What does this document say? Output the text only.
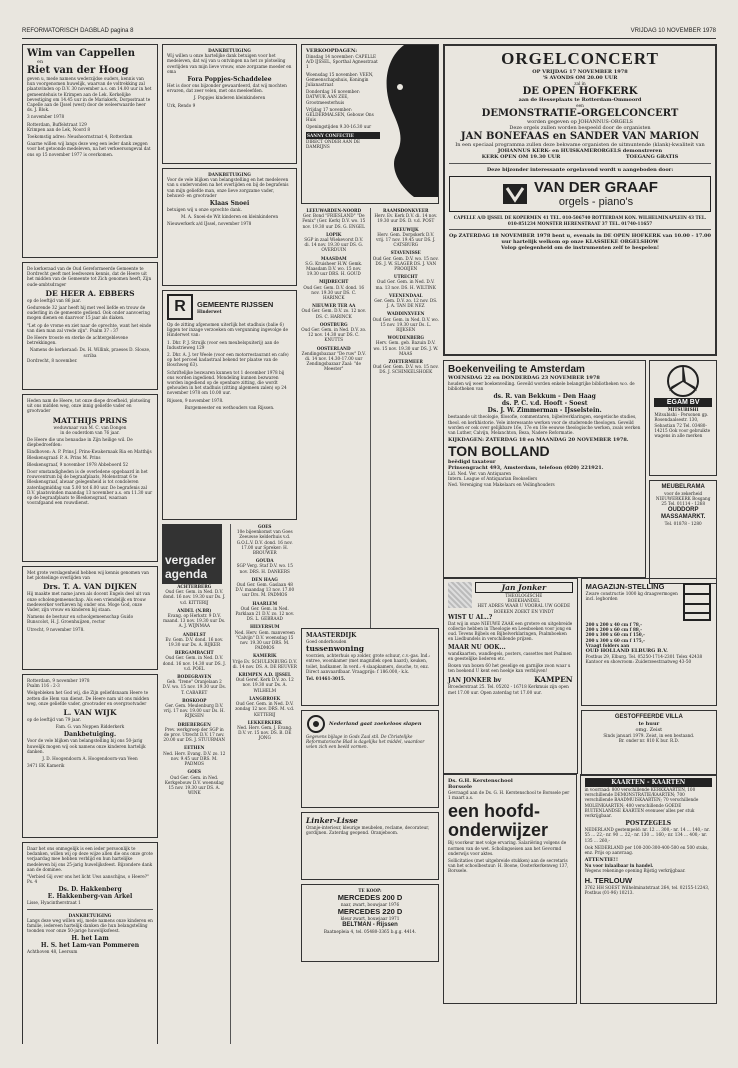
REFORMATORISCH DAGBLAD pagina 8	VRIJDAG 10 NOVEMBER 1978
Wim van Cappellen
en
Riet van der Hoog
geven u, mede namens wederzijdse ouders, kennis van hun voorgenomen huwelijk, waarvan de voltrekking zal plaatsvinden op D.V. 30 november a.s. om 14.00 uur in het gemeentehuis te Krimpen aan de Lek. Kerkelijke bevestiging om 14.45 uur in de Mariakerk, Dorpsstraat te Capelle aan de IJssel (west) door de weleerwaarde heer ds. J. Blok.
3 november 1978
Rotterdam, Buffelstraat 129
Krimpen aan de Lek, Noord 8
Toekomstig adres: Neushoornstraat 4, Rotterdam
Gaarne willen wij langs deze weg een ieder dank zeggen voor het getoonde medeleven, na het verkeersongeval dat ons op 15 november 1977 is overkomen.
De kerkeraad van de Oud Gereformeerde Gemeente te Dordrecht geeft met leedwezen kennis, dat de Heere uit het midden van de Gemeente tot Zich genomen heeft, Zijn oude-ambtsdrager
DE HEER A. EBBERS
op de leeftijd van 86 jaar.
Gedurende 32 jaar heeft hij met veel liefde en trouw de ouderling in de gemeente gediend. Ook onder aanvoering mogen dienen en daarvoor 15 jaar als diaken.
"Let op de vrome en ziet naar de oprechte, want het einde van dien man zal vrede zijn". Psalm 37 : 37
De Heere trooste en sterke de achtergeblevene betrekkingen.
Namens de kerkeraad: Ds. H. Willink, praeses D. Slooze, scriba
Dordrecht, 8 november.
Heden nam de Heere, tot onze diepe droefheid, plotseling uit ons midden weg, onze innig geliefde vader en grootvader
MATTHIJS PRINS
weduwnaar van M. C. van Dongen
in de ouderdom van 76 jaar.
De Heere die uns benaudae in Zijn heilige wil. De diepbedroefden:
Eindhoven: A. P. Prins J. Prins-Kwakernaak Ria en Matthijs Bleskensgraaf: P. A. Prins M. Prins
Bleskensgraaf, 9 november 1978 Abbeboerd 52
Door omstandigheden is de overledene opgebaard in het rouwcentrum bij de begraafplaats, Molenstraat 6 te Bleskensgraaf, alwaar gelegenheid is tot condoleren zaterdagmiddag van 5.00 tot 6.00 uur. De begrafenis zal D.V. plaatsvinden maandag 13 november a.s. om 11.30 uur op de begraafplaats te Bleskensgraaf, waaraan voorafgaand een rouwdienst.
Met grote verslagenheid hebben wij kennis genomen van het plotselinge overlijden van
Drs. T. A. VAN DIJKEN
Hij maakte met name jaren als docent Engels deel uit van onze scholengemeenschap. Als een vriendelijk en trouw medewerker verhieven hij onder ons. Moge God, onze Vader, zijn vrouw en kinderen bij staan.
Namens de bestuur en schoolgemeenschap Guido Bunscolot, H. J. Groenhuijzen, rector
Utrecht, 9 november 1978.
Rotterdam, 9 november 1978
Psalm 116 : 2-3
Welgebleken het God wij, die Zijn geliefdsnaam Heere te zetten die Hem van dienst. De Heere nam uit ons midden weg, onze geliefde vader, grootvader en overgrootvader
L. VAN WIJK
op de leeftijd van 79 jaar.
Fam. G. van Noppen Ridderkerk
Dankbetuiging.
Voor de vele blijken van belangstelling bij ons 50-jarig huwelijk mogen wij ook namens onze kinderen hartelijk danken.
J. D. Hoogendoorn A. Hoogendoorn-van Veen
3471 EK Kamerik
Daar het ons onmogelijk is een ieder persoonlijk te bedanken, willen wij op deze wijze allen die ons onze grote verjaardag mee hebben verblijd en hun hartelijke medeleven bij ons 25-jarig huwelijksfeest. Bijzondere dank aan de dominee.
"Verbied Gij over ons het licht Uws aanschijns, o Heere?" Ps. 4
Ds. D. Hakkenberg
E. Hakkenberg-van Arkel
Lisse, Hyacintherstraat 1
DANKBETUIGING
Langs deze weg willen wij, mede namens onze kinderen en familie, iedereen hartelijk danken die hun belangstelling toonden voor onze 50-jarige huwelijksfeest.
H. het Lam
H. S. het Lam-van Pommeren
Achthoven 48, Leersum
DANKBETUIGING
Wij willen u onze hartelijke dank betuigen voor het medeleven, dat wij van u ontvingen na het zo plotseling overlijden van mijn lieve vrouw, onze zorgzame moeder en oma
Fora Poppjes-Schaddelee
Het is door ons bijzonder gewaardeerd, dat wij mochten ervaren, dat zeer velen, met ons meeleefden.
J. Poppjes kinderen kleinkinderen
Urk, Rendo 9
DANKBETUIGING
Voor de vele blijken van belangstelling en het medeleven van u ondervonden na het overlijden en bij de begrafenis van mijn geliefde man, onze lieve zorgzame vader, behuwd- en grootvader
Klaas Snoei
betuigen wij u onze oprechte dank.
M. A. Snoei-de Wit kinderen en kleinkinderen
Nieuwerkerk a/d IJssel, november 1978
R	GEMEENTE RIJSSEN
Hinderwet
Op de zitting afgenomen uiterlijk het stadhuis (balie 6) liggen ter inzage verzoeken om vergunning ingevolge de Hinderwet van:
1. Dhr. P. J. Struijk (voor een meubelspuiterij) aan de Industrieweg 129
2. Dhr. A. J. ter Weele (voor een motorrestaurant en cafe) op het perceel kadastraal bekend ter plaatse van de Boschweg 63).
Schriftelijke bezwaren kunnen tot 1 december 1978 bij ons worden ingediend. Mondeling kunnen bezwaren worden ingediend op de openbare zitting, die wordt gehouden in het stadhuis (zitting algemeen zalen) op 24 november 1978 om 10.00 uur.
Rijssen, 9 november 1978.
Burgemeester en wethouders van Rijssen.
vergader agenda
ACHTERBERG
Oud Ger. Gem. in Ned. D.V. dond. 16 nov. 19.30 uur Ds. J. v.d. KITTERIJ
ANDEL (N.BR)
Evang. op Herkstr. 9 D.V. maand. 13 nov. 19.30 uur Ds. A. J. WIJNMAA
ANDELST
Ev. Gem. D.V. dond. 16 nov. 19.30 uur Ds. A. RIJKER
BERGAMBACHT
Oud Ger. Gem. in Ned. D.V. dond. 16 nov. 14.30 uur DS. J. v.d. POEL
BODEGRAVEN
Geb. "Irene" Oranjelaan 2 D.V. wo. 15 nov. 19.30 uur Ds. T. CABARET
BOSKOOP
Ger. Gem. Meulenburg D.V. vrij. 17 nov. 19.00 uur Ds. H. RIJKSEN
DRIEBERGEN
Prev. werkgroep der SGP in de prov. Utrecht D.V. 17 nov. 20.00 uur DS. J. STUURMAN
EETHEN
Ned. Herv. Evang. D.V. zo. 12 nov. 9.45 uur DRS. M. PADMOS
GOES
Oud Ger. Gem. in Ned. Kerkgebouw D.V. woensdag 15 nov. 19.30 uur DS. A. WINK
GOES
10e bijeenkomst van Goes Zeeuwse kelderhuis v.d. G.O.L.V. D.V. dond. 16 nov. 17.00 uur Spreker: H. BROUWER
GOUDA
SGP Verg. Staf D.V. wo. 15 nov. DRS. H. DANKERS
DEN HAAG
Oud Ger. Gem. Gaslaan 48 D.V. maandag 13 nov. 17.00 uur Drs. M. PADMOS
HAARLEM
Oud Ger. Gem. in Ned. Parklaan 21 D.V. zo. 12 nov. DS. L. GEBRAAD
HILVERSUM
Ned. Herv. Gem. manvereen "Calvijn" D.V. woensdag 15 nov. 19.30 uur DRS. M. PADMOS
KAMERIK
Vrije Ev. SCHULENBURG D.V. di. 14 nov. DS. A. DE REUVER
KRIMPEN A.D. IJSSEL
Oud Geref. Kerk D.V. zo. 12 nov. 19.30 uur Ds. A. WILHELM
LANGBROEK
Oud Ger. Gem. in Ned. D.V. zondag 12 nov. DRS. M. v.d. KETTERIJ
LEKKERKERK
Ned. Herv. Gem. J. Evang. D.V. vr. 15 nov. DS. B. DE JONG
VERKOOPDAGEN:
Dinsdag 14 november: CAPELLE A/D IJSSEL, Sporthal Agnesstraat 1
Woensdag 15 november: VEEN, Gemeenschapshuis, Koningin Julianastraat
Donderdag 16 november: DATWUK AAN ZEE, Grootmeesterhuis
Vrijdag 17 november: GELDERMALSEN, Gebouw Ons Huis
Openingstijden 9.30-16.30 uur
SANNY CONFECTIE
DIRECT ONDER AAN DE DAMRIJNS
LEEUWARDEN-NOORD
Ger. Bond "FRIESLAND" "De Fenix" (Ger. Kerk) D.V. wo. 15 nov. 19.30 uur DS. G. ENGEL
LOPIK
SGP in zaal Wiekevorst D.V. di. 14 nov. 19.30 uur DS. G. OVERDUIN
MAASDAM
S.G. Kruisheer H.W. Gemk. Maasdam D.V. wo. 15 nov. 19.30 uur DRS. H. GOUD
MIJDRECHT
Oud Ger. Gem. D.V. dond. 16 nov. 19.30 uur DS. C. HARINCK
NIEUWER TER AA
Oud Ger. Gem. D.V. zo. 12 nov. DS. C. HARINCK
OOSTBURG
Oud Ger. Gem. in Ned. D.V. zo. 12 nov. 14.30 uur DS. C. KNUTTS
OOSTERLAND
Zendingsbazaar "De ruw" D.V. di. 14 nov. 14.30-17.00 uur Zendingsbazaar Zaal: "de Meester"
RAAMSDONKVEER
Herv. Ev. Kerk D.V. di. 14 nov. 19.30 uur DS. D. v.d. POST
REEUWIJK
Herv. Gem. Dorpskerk D.V. vrij. 17 nov. 19.45 uur DS. J. CATSBURG
STAVENISSE
Oud Ger. Gem. D.V. wo. 15 nov. DS. J. W. SLAGER DS. J. VAN PROOIJEN
UTRECHT
Oud Ger. Gem. in Ned. D.V. ma. 13 nov. DS. H. WILTINK
VEENENDAAL
Ger. Gem. D.V. zo. 12 nov. DS. J. A. TAN DE NEZ
WADDINXVEEN
Oud Ger. Gem. in Ned. D.V. wo. 15 nov. 19.30 uur Ds. L. RIJKSEN
WOUDENBERG
Herv. Gem. geb. Bazuin D.V. wo. 15 nov. 19.30 uur DS. J. W. MAAS
ZOETERMEER
Oud Ger. Gem. D.V. wo. 15 nov. DS. J. SCHINKELSHOEK
MAASTERDIJK
Goed onderhouden
tussenwoning
voorzien, achterhuis op zolder, grote schuur, c.v.-gas. Ind.: entree, woonkamer (met magnifiek open haard), keuken, toilet, badkamer. In verd.: 4 slaapkamers, douche, tv, enz. Direct aanvaardbaar. Vraagprijs: f 186.000,- k.k.
Tel. 01461-3015.
Nederland gaat zoekeloos slapen
Gegevens bijlage in Gods Zaal stil. De Christelijke Reformatorische Blad is dagelijks het middel, waardoor velen zich een beeld vormen.
Linker-Lisse
Oranje-interieur, kleurige meubelen, reclame, decorateur, gordijnen. Zaterdag geopend. Oranjeboom.
TE KOOP:
MERCEDES 200 D
naar, zwart, bouwjaar 1976
MERCEDES 220 D
kleur zwart, bouwjaar 1971
BELTMAN - Rijssen
Baatnepleia 4, tel. 05480-3365 b.g.g. 4414.
ORGELCONCERT
OP VRIJDAG 17 NOVEMBER 1978
'S AVONDS OM 20.00 UUR
zal in
DE OPEN HOFKERK
aan de Hesseplaats te Rotterdam-Ommoord
een
DEMONSTRATIE-ORGELCONCERT
worden gegeven op JOHANNUS-ORGELS
Deze orgels zullen worden bespeeld door de organisten
JAN BONEFAAS en SANDER VAN MARION
In een speciaal programma zullen deze bekwame organisten de uitmuntende (klank)-kwaliteit van
JOHANNUS KERK- en HUISKAMERORGELS demonstreren
KERK OPEN OM 19.30 UUR	TOEGANG GRATIS
Deze bijzonder interessante orgelavond wordt u aangeboden door:
VAN DER GRAAF
orgels - piano's
CAPELLE A/D IJSSEL DE KOPERMEN 41 TEL. 010-506740 ROTTERDAM KON. WILHELMINAPLEIN 43 TEL. 010-851234 MONSTER HERENSTRAAT 37 TEL. 01740-11657
Op ZATERDAG 18 NOVEMBER 1978 bent u, evenals in DE OPEN HOFKERK van 10.00 - 17.00 uur hartelijk welkom op onze KLASSIEKE ORGELSHOW
Volop gelegenheid om de instrumenten zelf te bespelen!
Boekenveiling te Amsterdam
WOENSDAG 22 en DONDERDAG 23 NOVEMBER 1978
houden wij weer boekenveiling. Geveild worden enkele belangrijke bibliotheken w.o. de bibliotheken van
ds. R. van Bekkum - Den Haag
ds. P. C. v.d. Hooft - Soest
Ds. J. W. Zimmerman - IJsselstein.
bestaande uit theologie, filosofie, commentaren, bijbelverklaringen, exegetische studies, theol. en kerkhistorie. Vele interessante werken voor de studerende theologen. Geveild worden er ook over gelijkbare 16e, 17e en 18e eeuwse theologische werken, zoals werken van Luther, Calvijn, Melanchton, Beza, Nadere Reformatie.
KIJKDAGEN: ZATERDAG 18 en MAANDAG 20 NOVEMBER 1978.
TON BOLLAND
beëdigd taxateur
Prinsengracht 493, Amsterdam, telefoon (020) 221921.
Lid. Ned. Ver. van Antiquaren
Intern. League of Antiquarian Booksellers
Ned. Vereniging van Makelaars en Veilinghouders
EGAM BV
MITSUBISHI
Mitsubishi - Personen gp. Rosendaalsestr. 130, Sebastian 72 Tel. 03480-14215 Ook voor gebruikte wagens in alle merken
MEUBELRAMA
voor de zekerheid
NIEUWERKERK Bosgang 25 Tel. 01114 - 1268
OUDDORP MASSAMARKT.
Tel. 01878 - 1280
Jan Jonker
THEOLOGISCHE
BOEKHANDEL
HET ADRES WAAR U VOORAL UW GOEDE BOEKEN ZOEKT EN VINDT
WIST U AL..?
Dat wij in onze NIEUWE ZAAK een grotere en uitgebreide collectie hebben in Theologie en Leesboeken voor jong en oud. Tevens Bijbels en Bijbelverklaringen, Psalmboeken en Liedbundels in verschillende prijzen.
MAAR NU OOK...
wandkaarten, wandlegels, posters, cassettes met Psalmen en geestelijke liederen etc.
Boxen van boxen 60 het geselige en garnijke zoon waar u ten boekend U kent een hoekje kan verblijven!
JAN JONKER bv	KAMPEN
Broederstraat 25. Tel. 05202 - 16718 Kerkmuis zijn open met 17.00 uur. Open zaterdag tot 17.00 uur.
MAGAZIJN-STELLING
Zware constructie 1000 kg draagvermogen incl. legborden
200 x 200 x 40 cm f 78,-
200 x 200 x 60 cm f 88,-
200 x 300 x 60 cm f 150,-
200 x 300 x 60 cm f 175,-
Vraagt folders aan
OUD HOLLAND ELBURG B.V.
Postbus 29, Elburg. Tel. 05250-1714-2301 Telex 42438
Kantoor en showroom: Zuiderzeestraatweg 43-50
GESTOFFEERDE VILLA
te huur
omg. Zeist
Sinds januari 1979. Zeist, in een bestaand.
Br. onder nr. 810 K bur. R.D.
Ds. G.H. Kerstenschool
Borssele
Gevraagd aan de Ds. G. H. Kerstenschool te Borssele per 1 maart a.s.
een hoofd-onderwijzer
Bij voorkeur met volge ervaring. Salariëring volgens de normen van de wet. Scholingseisen aan het Gevormd onderwijs voor aktes.
Sollicitaties (met uitgebreide stukken) aan de secretaris van het schoolbestuur: H. Boone, Oosterkerkenweg 137, Borssele.
KAARTEN - KAARTEN
in voorraad: 800 verschillende KERKKAARTEN, 100 verschillende DEMONSTRATIE/KAARTEN; 700 verschillende BAADMUISKAARTEN; 70 verschillende MOLENKAARTEN; 400 verschillende GOEDE BUITENLANDSE KAARTEN evenuee/ alles per stuk verkrijgbaar.
POSTZEGELS
NEDERLAND gestempeld: nr. 12 ... 300,- nr. 14 ... 140,- nr. 55 ... 22,- nr. 90 ... 22,- nr. 130 ... 160,- nr. 134 ... 400,- nr. 135 ... 260,-
Ook NEDERLAND per 100-200-300-400-500 en 500 stuks, enz. Prijs op aanvraag.
ATTENTIE!!
Nu voor inlaaibaar in handel.
Wegens rekeninge opening Bijstig verkrijgbaar.
H. TERLOUW
3762 HH SOEST Wilhelminatstraat 264, tel. 02155-12243, Postbus (01-96) 10213.
